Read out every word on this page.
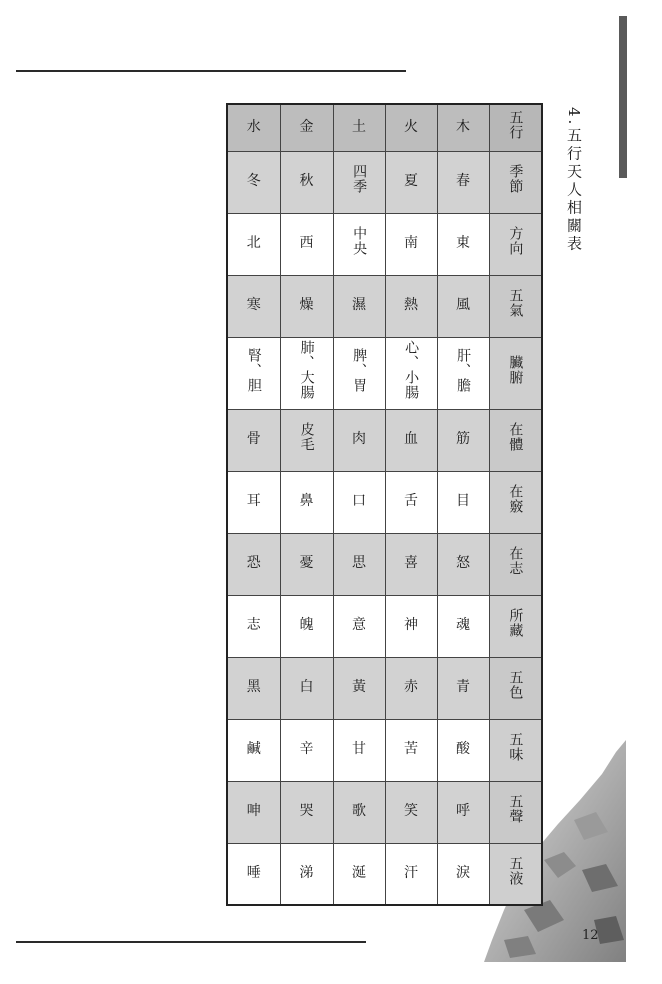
水	金	土	火	木	五行
冬	秋	四季	夏	春	季節
北	西	中央	南	東	方向
寒	燥	濕	熱	風	五氣
腎、胆	肺、大腸	脾、胃	心、小腸	肝、膽	臟腑
骨	皮毛	肉	血	筋	在體
耳	鼻	口	舌	目	在竅
恐	憂	思	喜	怒	在志
志	魄	意	神	魂	所藏
黑	白	黃	赤	青	五色
鹹	辛	甘	苦	酸	五味
呻	哭	歌	笑	呼	五聲
唾	涕	涎	汗	淚	五液
4.五行天人相關表
12
